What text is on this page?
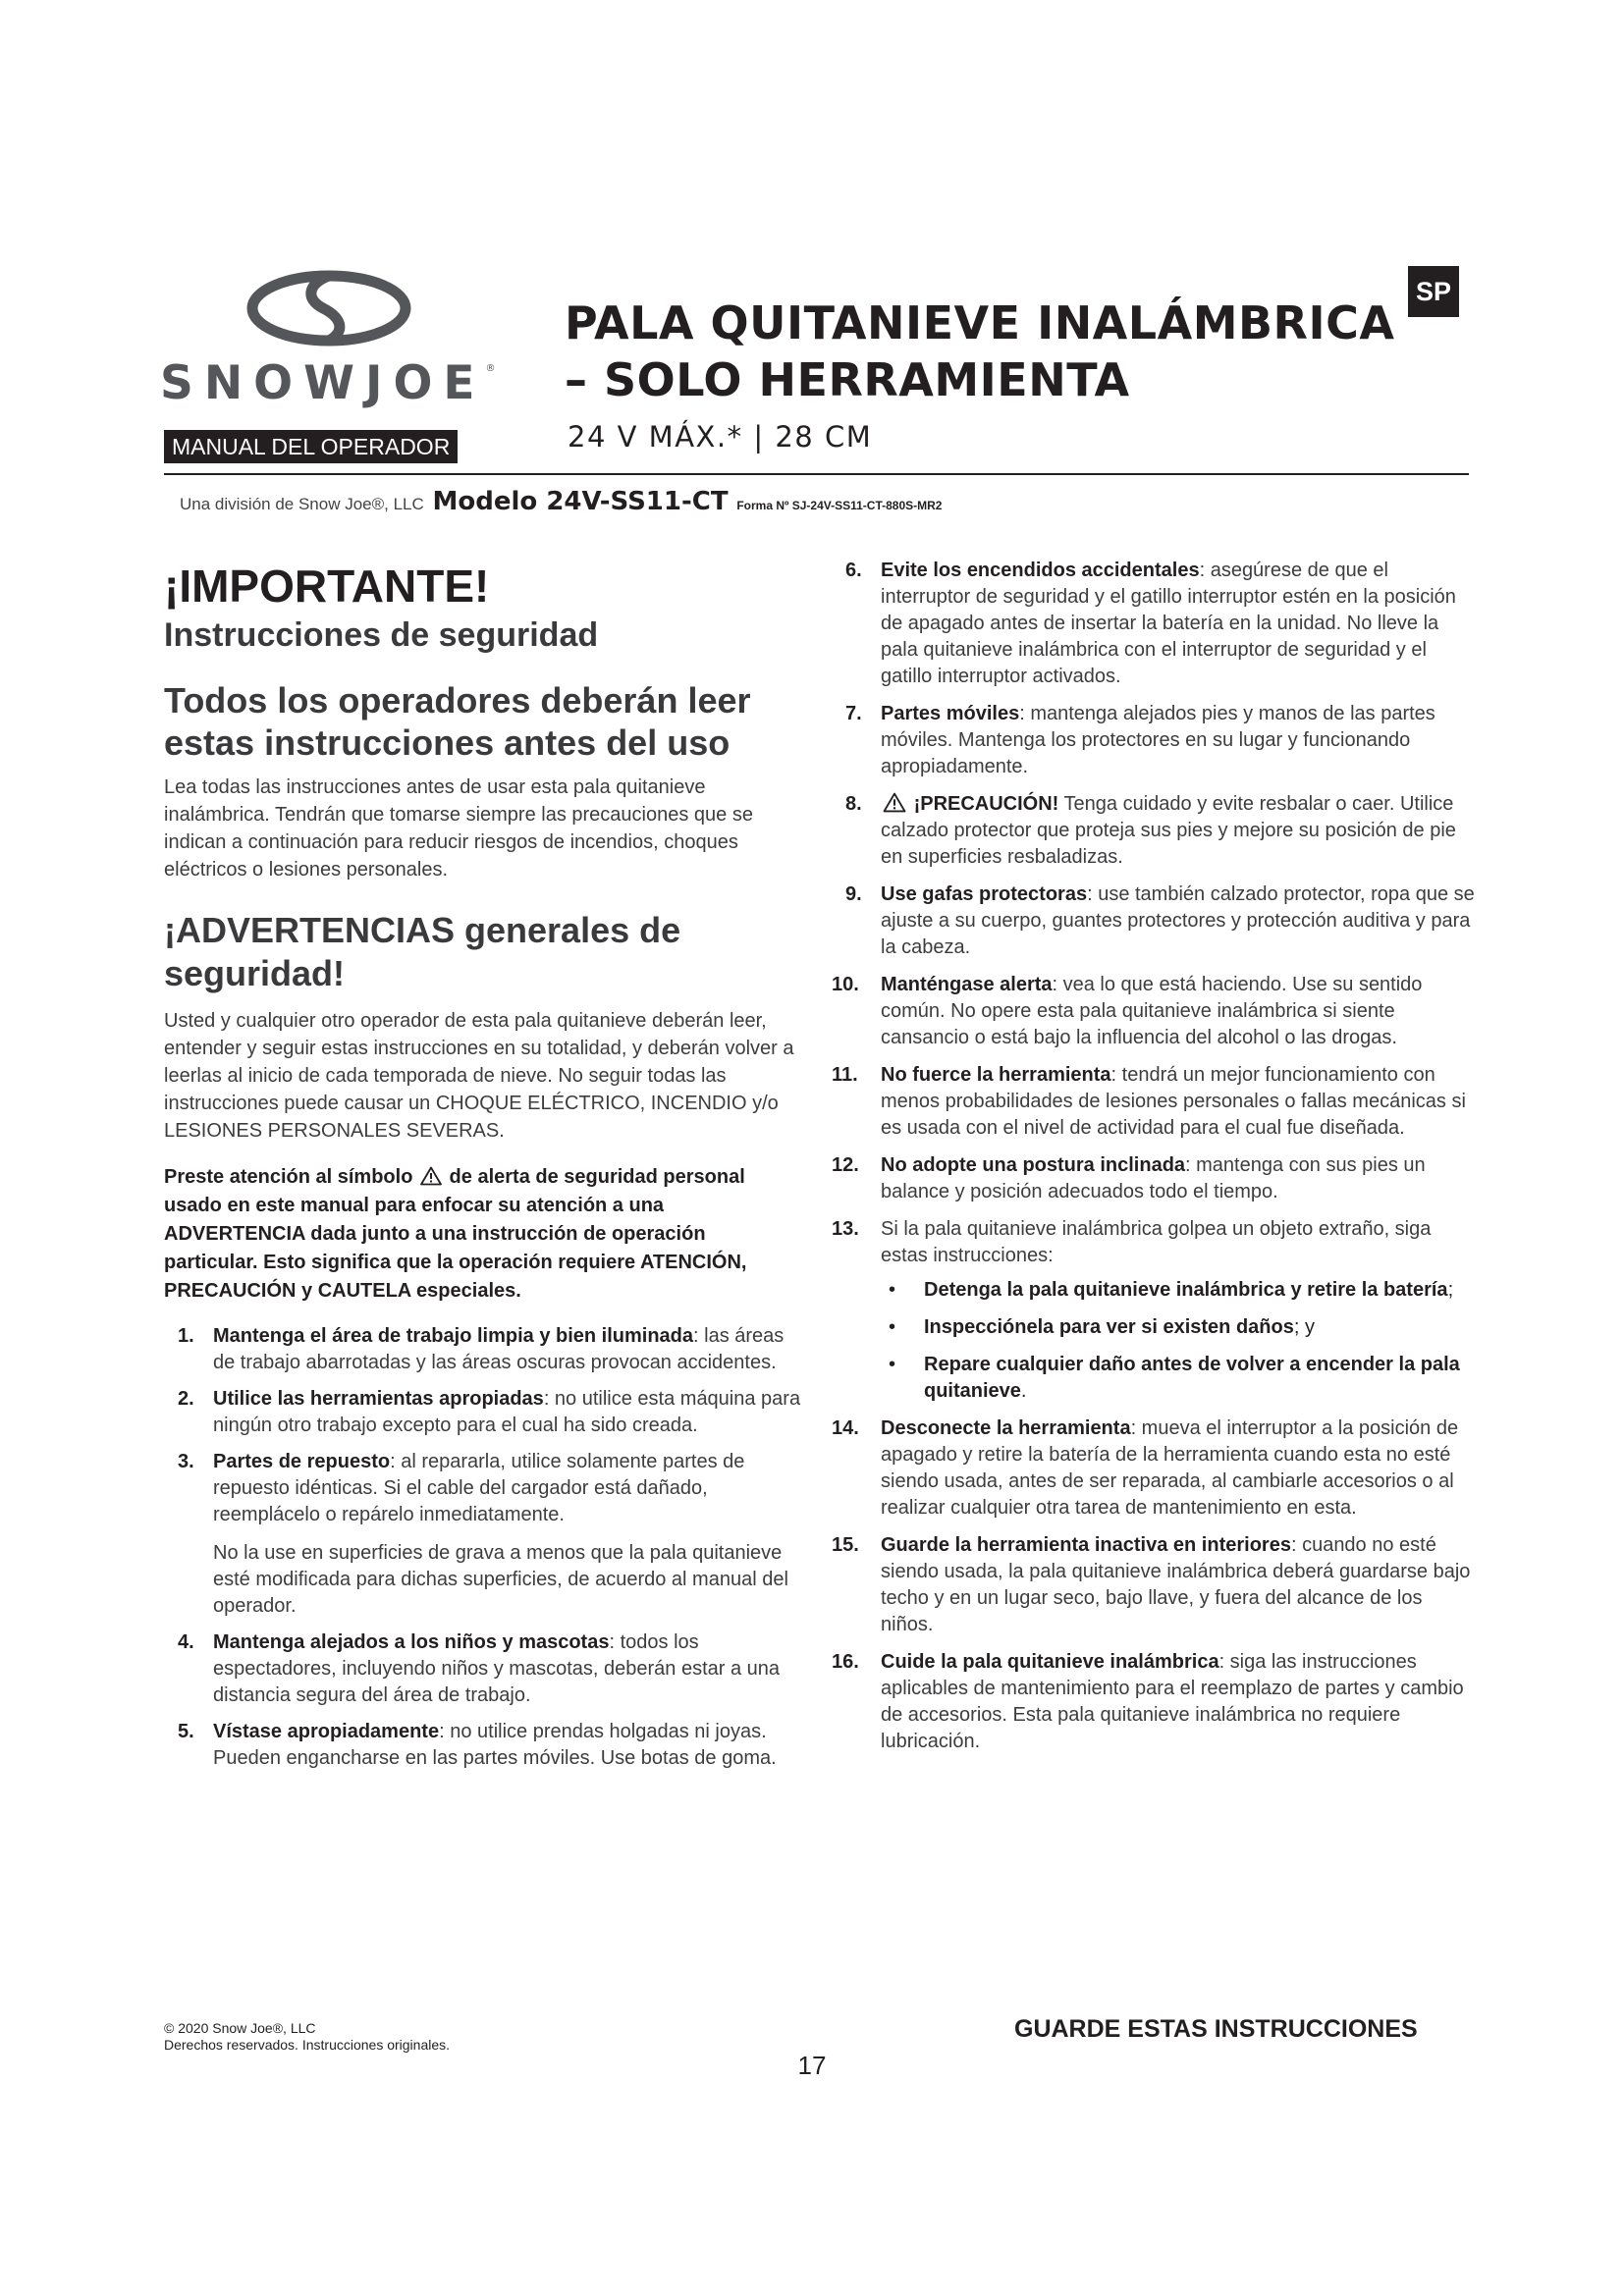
SNOWJOE®
MANUAL DEL OPERADOR
SP
PALA QUITANIEVE INALÁMBRICA
– SOLO HERRAMIENTA
24 V MÁX.* | 28 CM
Una división de Snow Joe®, LLC Modelo 24V-SS11-CT Forma Nº SJ-24V-SS11-CT-880S-MR2
¡IMPORTANTE!
Instrucciones de seguridad
Todos los operadores deberán leer estas instrucciones antes del uso

Lea todas las instrucciones antes de usar esta pala quitanieve inalámbrica. Tendrán que tomarse siempre las precauciones que se indican a continuación para reducir riesgos de incendios, choques eléctricos o lesiones personales.

¡ADVERTENCIAS generales de seguridad!

Usted y cualquier otro operador de esta pala quitanieve deberán leer, entender y seguir estas instrucciones en su totalidad, y deberán volver a leerlas al inicio de cada temporada de nieve. No seguir todas las instrucciones puede causar un CHOQUE ELÉCTRICO, INCENDIO y/o LESIONES PERSONALES SEVERAS.

Preste atención al símbolo de alerta de seguridad personal usado en este manual para enfocar su atención a una ADVERTENCIA dada junto a una instrucción de operación particular. Esto significa que la operación requiere ATENCIÓN, PRECAUCIÓN y CAUTELA especiales.

1. Mantenga el área de trabajo limpia y bien iluminada: las áreas de trabajo abarrotadas y las áreas oscuras provocan accidentes.
2. Utilice las herramientas apropiadas: no utilice esta máquina para ningún otro trabajo excepto para el cual ha sido creada.
3. Partes de repuesto: al repararla, utilice solamente partes de repuesto idénticas. Si el cable del cargador está dañado, reemplácelo o repárelo inmediatamente.
No la use en superficies de grava a menos que la pala quitanieve esté modificada para dichas superficies, de acuerdo al manual del operador.
4. Mantenga alejados a los niños y mascotas: todos los espectadores, incluyendo niños y mascotas, deberán estar a una distancia segura del área de trabajo.
5. Vístase apropiadamente: no utilice prendas holgadas ni joyas. Pueden engancharse en las partes móviles. Use botas de goma.
6. Evite los encendidos accidentales: asegúrese de que el interruptor de seguridad y el gatillo interruptor estén en la posición de apagado antes de insertar la batería en la unidad. No lleve la pala quitanieve inalámbrica con el interruptor de seguridad y el gatillo interruptor activados.
7. Partes móviles: mantenga alejados pies y manos de las partes móviles. Mantenga los protectores en su lugar y funcionando apropiadamente.
8.	¡PRECAUCIÓN! Tenga cuidado y evite resbalar o caer. Utilice calzado protector que proteja sus pies y mejore su posición de pie en superficies resbaladizas.
9. Use gafas protectoras: use también calzado protector, ropa que se ajuste a su cuerpo, guantes protectores y protección auditiva y para la cabeza.
10. Manténgase alerta: vea lo que está haciendo. Use su sentido común. No opere esta pala quitanieve inalámbrica si siente cansancio o está bajo la influencia del alcohol o las drogas.
11. No fuerce la herramienta: tendrá un mejor funcionamiento con menos probabilidades de lesiones personales o fallas mecánicas si es usada con el nivel de actividad para el cual fue diseñada.
12. No adopte una postura inclinada: mantenga con sus pies un balance y posición adecuados todo el tiempo.
13. Si la pala quitanieve inalámbrica golpea un objeto extraño, siga estas instrucciones:
• Detenga la pala quitanieve inalámbrica y retire la batería;
• Inspecciónela para ver si existen daños; y
• Repare cualquier daño antes de volver a encender la pala quitanieve.
14. Desconecte la herramienta: mueva el interruptor a la posición de apagado y retire la batería de la herramienta cuando esta no esté siendo usada, antes de ser reparada, al cambiarle accesorios o al realizar cualquier otra tarea de mantenimiento en esta.
15. Guarde la herramienta inactiva en interiores: cuando no esté siendo usada, la pala quitanieve inalámbrica deberá guardarse bajo techo y en un lugar seco, bajo llave, y fuera del alcance de los niños.
16. Cuide la pala quitanieve inalámbrica: siga las instrucciones aplicables de mantenimiento para el reemplazo de partes y cambio de accesorios. Esta pala quitanieve inalámbrica no requiere lubricación.
© 2020 Snow Joe®, LLC
Derechos reservados. Instrucciones originales.
GUARDE ESTAS INSTRUCCIONES
17
